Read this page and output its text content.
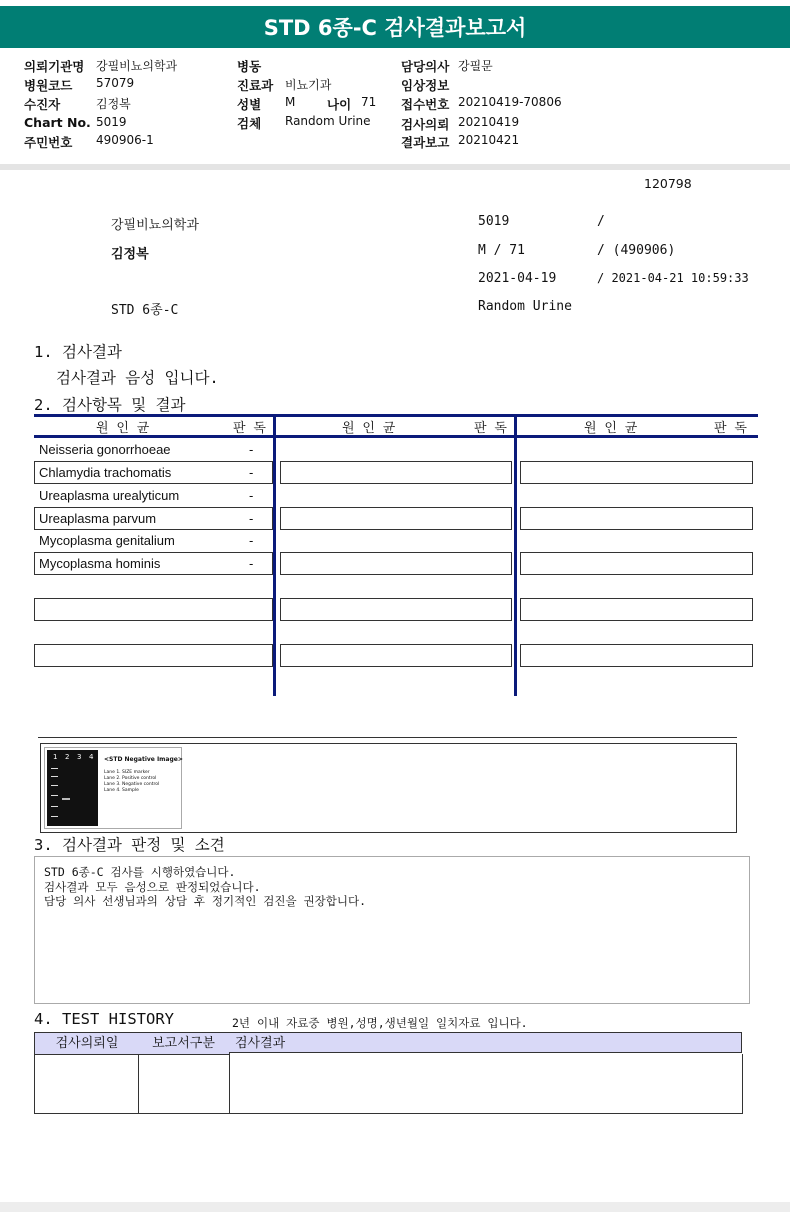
STD 6종-C 검사결과보고서
의뢰기관명 강필비뇨의학과
병원코드 57079
수진자	김정복
Chart No. 5019
주민번호 490906-1
병동
진료과 비뇨기과
성별 M	나이 71
검체 Random Urine
담당의사 강필문
임상정보
접수번호 20210419-70806
검사의뢰 20210419
결과보고 20210421
120798
강필비뇨의학과
김정복
STD 6종-C
5019	/
M / 71	/ (490906)
2021-04-19	/ 2021-04-21 10:59:33
Random Urine
1. 검사결과
검사결과 음성 입니다.
2. 검사항목 및 결과
원 인 균	판 독	원 인 균	판 독	원 인 균	판 독
Neisseria gonorrhoeae	-
Chlamydia trachomatis	-
Ureaplasma urealyticum	-
Ureaplasma parvum	-
Mycoplasma genitalium	-
Mycoplasma hominis	-
1 2 3 4 <STD Negative Image>
Lane 1. SIZE marker
Lane 2. Positive control
Lane 3. Negative control
Lane 4. Sample
3. 검사결과 판정 및 소견
STD 6종-C 검사를 시행하였습니다.
검사결과 모두 음성으로 판정되었습니다.
담당 의사 선생님과의 상담 후 정기적인 검진을 권장합니다.
4. TEST HISTORY	2년 이내 자료중 병원,성명,생년월일 일치자료 입니다.
검사의뢰일	보고서구분	검사결과
